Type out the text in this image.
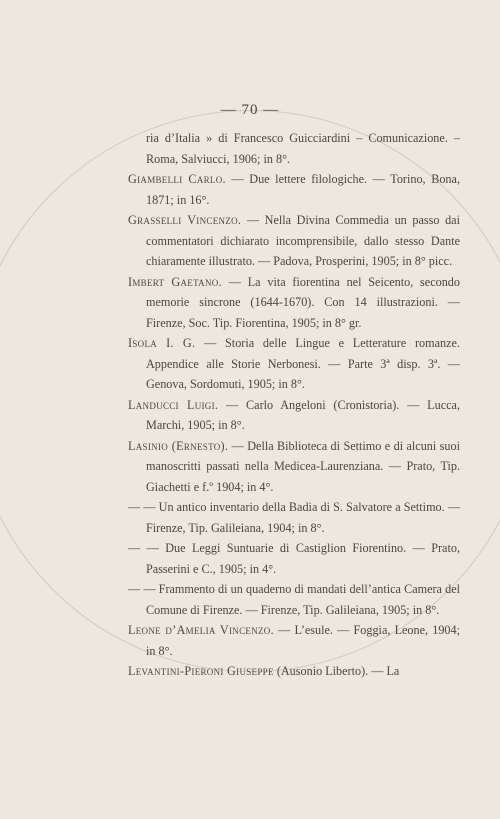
— 70 —

ria d’Italia » di Francesco Guicciardini – Comunicazione. – Roma, Salviucci, 1906; in 8°.

Giambelli Carlo. — Due lettere filologiche. — Torino, Bona, 1871; in 16°.

Grasselli Vincenzo. — Nella Divina Commedia un passo dai commentatori dichiarato incomprensibile, dallo stesso Dante chiaramente illustrato. — Padova, Prosperini, 1905; in 8° picc.

Imbert Gaetano. — La vita fiorentina nel Seicento, secondo memorie sincrone (1644-1670). Con 14 illustrazioni. — Firenze, Soc. Tip. Fiorentina, 1905; in 8° gr.

Isola I. G. — Storia delle Lingue e Letterature romanze. Appendice alle Storie Nerbonesi. — Parte 3ª disp. 3ª. — Genova, Sordomuti, 1905; in 8°.

Landucci Luigi. — Carlo Angeloni (Cronistoria). — Lucca, Marchi, 1905; in 8°.

Lasinio (Ernesto). — Della Biblioteca di Settimo e di alcuni suoi manoscritti passati nella Medicea-Laurenziana. — Prato, Tip. Giachetti e f.º 1904; in 4°.

— — Un antico inventario della Badia di S. Salvatore a Settimo. — Firenze, Tip. Galileiana, 1904; in 8°.

— — Due Leggi Suntuarie di Castiglion Fiorentino. — Prato, Passerini e C., 1905; in 4°.

— — Frammento di un quaderno di mandati dell’antica Camera del Comune di Firenze. — Firenze, Tip. Galileiana, 1905; in 8°.

Leone d’Amelia Vincenzo. — L’esule. — Foggia, Leone, 1904; in 8°.

Levantini-Pieroni Giuseppe (Ausonio Liberto). — La
